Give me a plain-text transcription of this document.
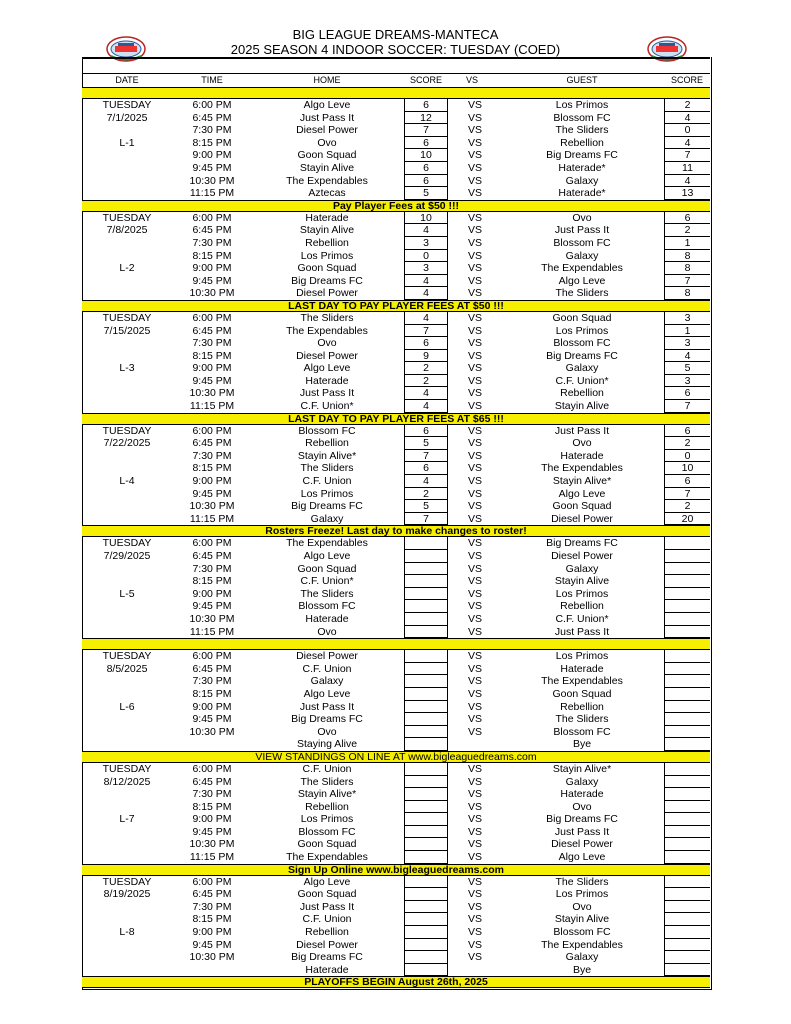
BIG LEAGUE DREAMS-MANTECA
2025 SEASON 4 INDOOR SOCCER: TUESDAY (COED)
DATE	TIME	HOME	SCORE	VS	GUEST	SCORE
TUESDAY	6:00 PM	Algo Leve	6	VS	Los Primos	2
7/1/2025	6:45 PM	Just Pass It	12	VS	Blossom FC	4
7:30 PM	Diesel Power	7	VS	The Sliders	0
L-1	8:15 PM	Ovo	6	VS	Rebellion	4
9:00 PM	Goon Squad	10	VS	Big Dreams FC	7
9:45 PM	Stayin Alive	6	VS	Haterade*	11
10:30 PM	The Expendables	6	VS	Galaxy	4
11:15 PM	Aztecas	5	VS	Haterade*	13
Pay Player Fees at $50 !!!
TUESDAY	6:00 PM	Haterade	10	VS	Ovo	6
7/8/2025	6:45 PM	Stayin Alive	4	VS	Just Pass It	2
7:30 PM	Rebellion	3	VS	Blossom FC	1
8:15 PM	Los Primos	0	VS	Galaxy	8
L-2	9:00 PM	Goon Squad	3	VS	The Expendables	8
9:45 PM	Big Dreams FC	4	VS	Algo Leve	7
10:30 PM	Diesel Power	4	VS	The Sliders	8
LAST DAY TO PAY PLAYER FEES AT $50 !!!
TUESDAY	6:00 PM	The Sliders	4	VS	Goon Squad	3
7/15/2025	6:45 PM	The Expendables	7	VS	Los Primos	1
7:30 PM	Ovo	6	VS	Blossom FC	3
8:15 PM	Diesel Power	9	VS	Big Dreams FC	4
L-3	9:00 PM	Algo Leve	2	VS	Galaxy	5
9:45 PM	Haterade	2	VS	C.F. Union*	3
10:30 PM	Just Pass It	4	VS	Rebellion	6
11:15 PM	C.F. Union*	4	VS	Stayin Alive	7
LAST DAY TO PAY PLAYER FEES AT $65 !!!
TUESDAY	6:00 PM	Blossom FC	6	VS	Just Pass It	6
7/22/2025	6:45 PM	Rebellion	5	VS	Ovo	2
7:30 PM	Stayin Alive*	7	VS	Haterade	0
8:15 PM	The Sliders	6	VS	The Expendables	10
L-4	9:00 PM	C.F. Union	4	VS	Stayin Alive*	6
9:45 PM	Los Primos	2	VS	Algo Leve	7
10:30 PM	Big Dreams FC	5	VS	Goon Squad	2
11:15 PM	Galaxy	7	VS	Diesel Power	20
Rosters Freeze! Last day to make changes to roster!
TUESDAY	6:00 PM	The Expendables	VS	Big Dreams FC
7/29/2025	6:45 PM	Algo Leve	VS	Diesel Power
7:30 PM	Goon Squad	VS	Galaxy
8:15 PM	C.F. Union*	VS	Stayin Alive
L-5	9:00 PM	The Sliders	VS	Los Primos
9:45 PM	Blossom FC	VS	Rebellion
10:30 PM	Haterade	VS	C.F. Union*
11:15 PM	Ovo	VS	Just Pass It
TUESDAY	6:00 PM	Diesel Power	VS	Los Primos
8/5/2025	6:45 PM	C.F. Union	VS	Haterade
7:30 PM	Galaxy	VS	The Expendables
8:15 PM	Algo Leve	VS	Goon Squad
L-6	9:00 PM	Just Pass It	VS	Rebellion
9:45 PM	Big Dreams FC	VS	The Sliders
10:30 PM	Ovo	VS	Blossom FC
Staying Alive	Bye
VIEW STANDINGS ON LINE AT www.bigleaguedreams.com
TUESDAY	6:00 PM	C.F. Union	VS	Stayin Alive*
8/12/2025	6:45 PM	The Sliders	VS	Galaxy
7:30 PM	Stayin Alive*	VS	Haterade
8:15 PM	Rebellion	VS	Ovo
L-7	9:00 PM	Los Primos	VS	Big Dreams FC
9:45 PM	Blossom FC	VS	Just Pass It
10:30 PM	Goon Squad	VS	Diesel Power
11:15 PM	The Expendables	VS	Algo Leve
Sign Up Online www.bigleaguedreams.com
TUESDAY	6:00 PM	Algo Leve	VS	The Sliders
8/19/2025	6:45 PM	Goon Squad	VS	Los Primos
7:30 PM	Just Pass It	VS	Ovo
8:15 PM	C.F. Union	VS	Stayin Alive
L-8	9:00 PM	Rebellion	VS	Blossom FC
9:45 PM	Diesel Power	VS	The Expendables
10:30 PM	Big Dreams FC	VS	Galaxy
Haterade	Bye
PLAYOFFS BEGIN August 26th, 2025
